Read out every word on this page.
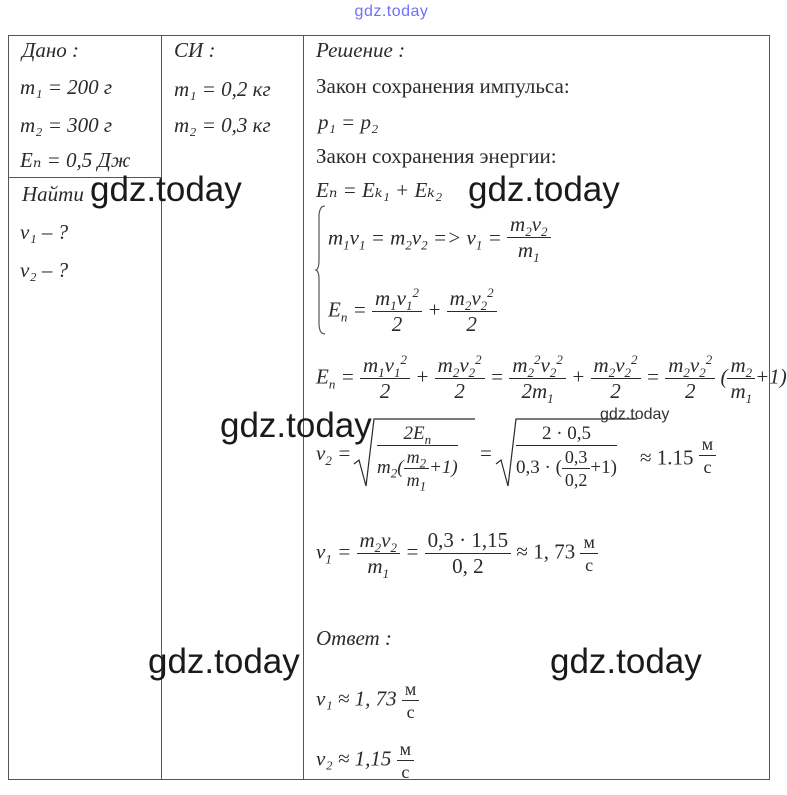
gdz.today
Дано :
m₁ = 200 г
m₂ = 300 г
Eₙ = 0,5 Дж
Найти
v₁ – ?
v₂ – ?
СИ :
m₁ = 0,2 кг
m₂ = 0,3 кг
Решение :
Закон сохранения импульса:
p₁ = p₂
Закон сохранения энергии:
Eₙ = Eₖ₁ + Eₖ₂
$m_1v_1 = m_2v_2 => v_1 = \frac{m_2v_2}{m_1}$
$E_n = \frac{m_1v_1^2}{2} + \frac{m_2v_2^2}{2}$
$E_n = \frac{m_1v_1^2}{2} + \frac{m_2v_2^2}{2} = \frac{m_2^2v_2^2}{2m_1} + \frac{m_2v_2^2}{2} = \frac{m_2v_2^2}{2}$ ( $\frac{m_2}{m_1} +1$)
$v_2 = \frac{2E_n}{m_2( \frac{m_2}{m_1} +1)} = \frac{2 \cdot 0,5}{0,3 \cdot ( \frac{0,3}{0,2} +1)} \approx 1.15 \frac{м}{с}$
$v_1 = \frac{m_2v_2}{m_1} = \frac{0,3 \cdot 1,15}{0, 2} \approx 1$, $73 \frac{м}{с}$
Ответ :
v₁ ≈ 1, $73 \frac{м}{с}$
$v_2 \approx 1,15 \frac{м}{с}$
gdz.today	gdz.today
gdz.today	gdz.today
gdz.today	gdz.today
